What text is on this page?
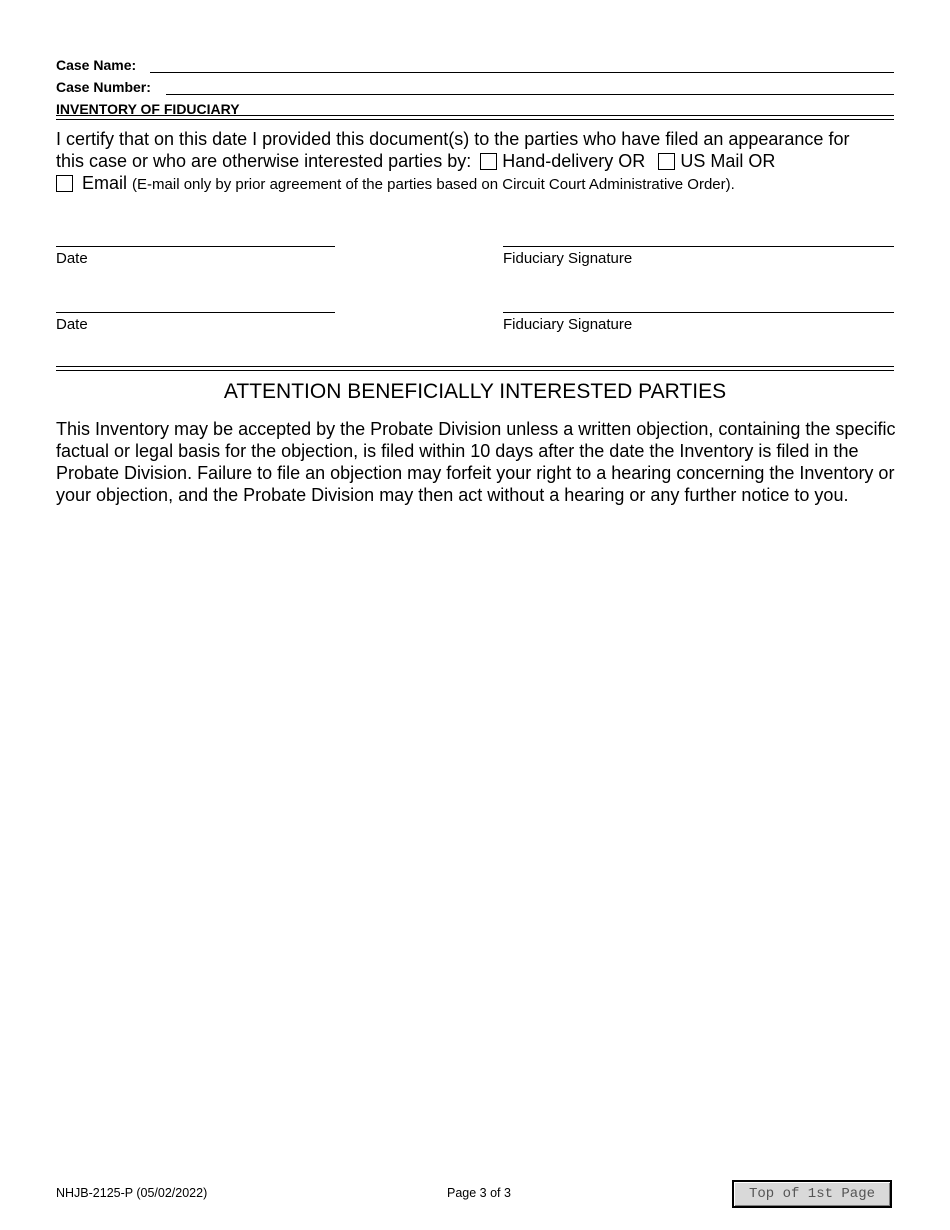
Case Name:
Case Number:
INVENTORY OF FIDUCIARY
I certify that on this date I provided this document(s) to the parties who have filed an appearance for
this case or who are otherwise interested parties by: Hand-delivery OR US Mail OR
Email (E-mail only by prior agreement of the parties based on Circuit Court Administrative Order).
Date	Fiduciary Signature
Date	Fiduciary Signature
ATTENTION BENEFICIALLY INTERESTED PARTIES
This Inventory may be accepted by the Probate Division unless a written objection, containing the specific factual or legal basis for the objection, is filed within 10 days after the date the Inventory is filed in the Probate Division. Failure to file an objection may forfeit your right to a hearing concerning the Inventory or your objection, and the Probate Division may then act without a hearing or any further notice to you.
NHJB-2125-P (05/02/2022)	Page 3 of 3	Top of 1st Page
